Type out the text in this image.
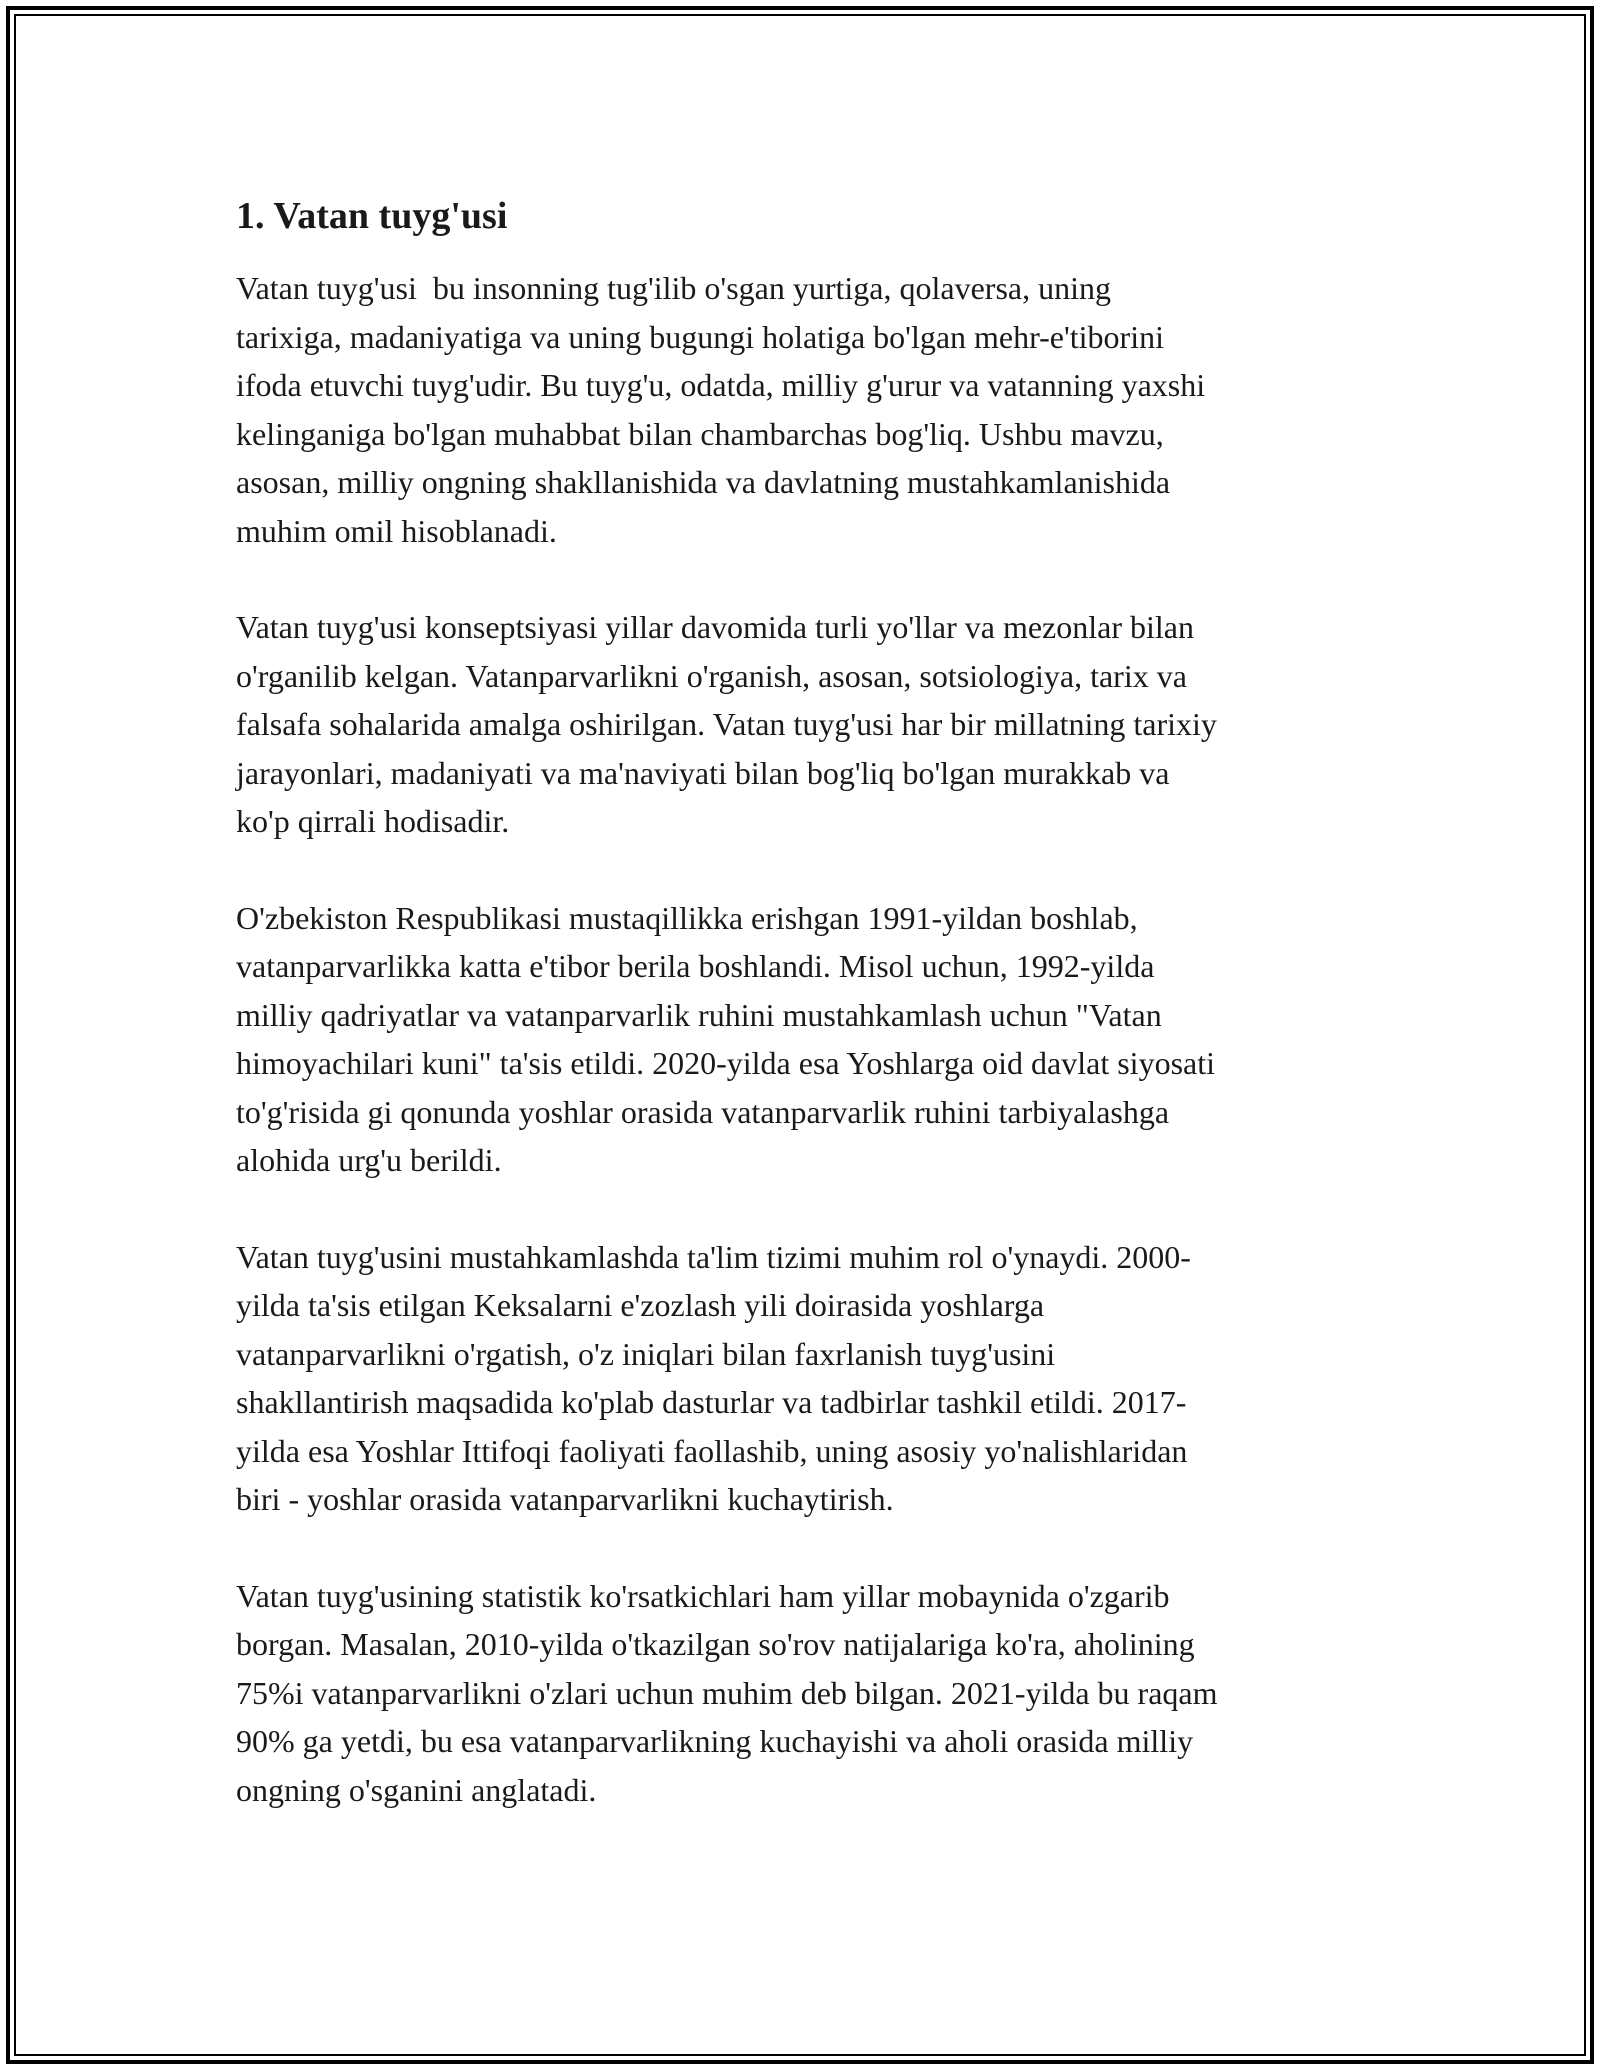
1. Vatan tuyg'usi

Vatan tuyg'usi  bu insonning tug'ilib o'sgan yurtiga, qolaversa, uning
tarixiga, madaniyatiga va uning bugungi holatiga bo'lgan mehr-e'tiborini
ifoda etuvchi tuyg'udir. Bu tuyg'u, odatda, milliy g'urur va vatanning yaxshi
kelinganiga bo'lgan muhabbat bilan chambarchas bog'liq. Ushbu mavzu,
asosan, milliy ongning shakllanishida va davlatning mustahkamlanishida
muhim omil hisoblanadi.

Vatan tuyg'usi konseptsiyasi yillar davomida turli yo'llar va mezonlar bilan
o'rganilib kelgan. Vatanparvarlikni o'rganish, asosan, sotsiologiya, tarix va
falsafa sohalarida amalga oshirilgan. Vatan tuyg'usi har bir millatning tarixiy
jarayonlari, madaniyati va ma'naviyati bilan bog'liq bo'lgan murakkab va
ko'p qirrali hodisadir.

O'zbekiston Respublikasi mustaqillikka erishgan 1991-yildan boshlab,
vatanparvarlikka katta e'tibor berila boshlandi. Misol uchun, 1992-yilda
milliy qadriyatlar va vatanparvarlik ruhini mustahkamlash uchun "Vatan
himoyachilari kuni" ta'sis etildi. 2020-yilda esa Yoshlarga oid davlat siyosati
to'g'risida gi qonunda yoshlar orasida vatanparvarlik ruhini tarbiyalashga
alohida urg'u berildi.

Vatan tuyg'usini mustahkamlashda ta'lim tizimi muhim rol o'ynaydi. 2000-
yilda ta'sis etilgan Keksalarni e'zozlash yili doirasida yoshlarga
vatanparvarlikni o'rgatish, o'z iniqlari bilan faxrlanish tuyg'usini
shakllantirish maqsadida ko'plab dasturlar va tadbirlar tashkil etildi. 2017-
yilda esa Yoshlar Ittifoqi faoliyati faollashib, uning asosiy yo'nalishlaridan
biri - yoshlar orasida vatanparvarlikni kuchaytirish.

Vatan tuyg'usining statistik ko'rsatkichlari ham yillar mobaynida o'zgarib
borgan. Masalan, 2010-yilda o'tkazilgan so'rov natijalariga ko'ra, aholining
75%i vatanparvarlikni o'zlari uchun muhim deb bilgan. 2021-yilda bu raqam
90% ga yetdi, bu esa vatanparvarlikning kuchayishi va aholi orasida milliy
ongning o'sganini anglatadi.
